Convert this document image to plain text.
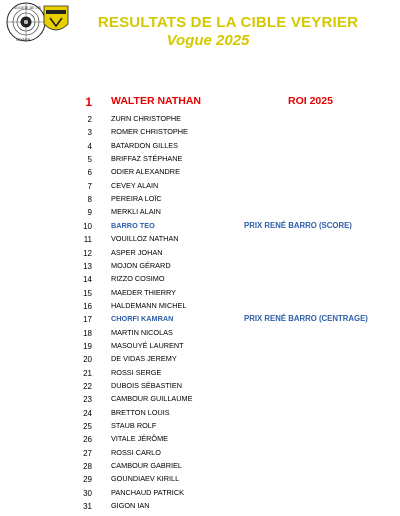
SOCIETE DE TIR
VEYRIER
RESULTATS DE LA CIBLE VEYRIER
Vogue 2025
1 WALTER NATHAN	ROI 2025
2	ZURN CHRISTOPHE
3	ROMER CHRISTOPHE
4	BATARDON GILLES
5	BRIFFAZ STÉPHANE
6	ODIER ALEXANDRE
7	CEVEY ALAIN
8	PEREIRA LOÏC
9	MERKLI ALAIN
10	BARRO TEO	PRIX RENÉ BARRO (SCORE)
11	VOUILLOZ NATHAN
12	ASPER JOHAN
13	MOJON GÉRARD
14	RIZZO COSIMO
15	MAEDER THIERRY
16	HALDEMANN MICHEL
17	CHORFI KAMRAN	PRIX RENÉ BARRO (CENTRAGE)
18	MARTIN NICOLAS
19	MASOUYÉ LAURENT
20	DE VIDAS JEREMY
21	ROSSI SERGE
22	DUBOIS SÉBASTIEN
23	CAMBOUR GUILLAUME
24	BRETTON LOUIS
25	STAUB ROLF
26	VITALE JÉRÔME
27	ROSSI CARLO
28	CAMBOUR GABRIEL
29	GOUNDIAEV KIRILL
30	PANCHAUD PATRICK
31	GIGON IAN
